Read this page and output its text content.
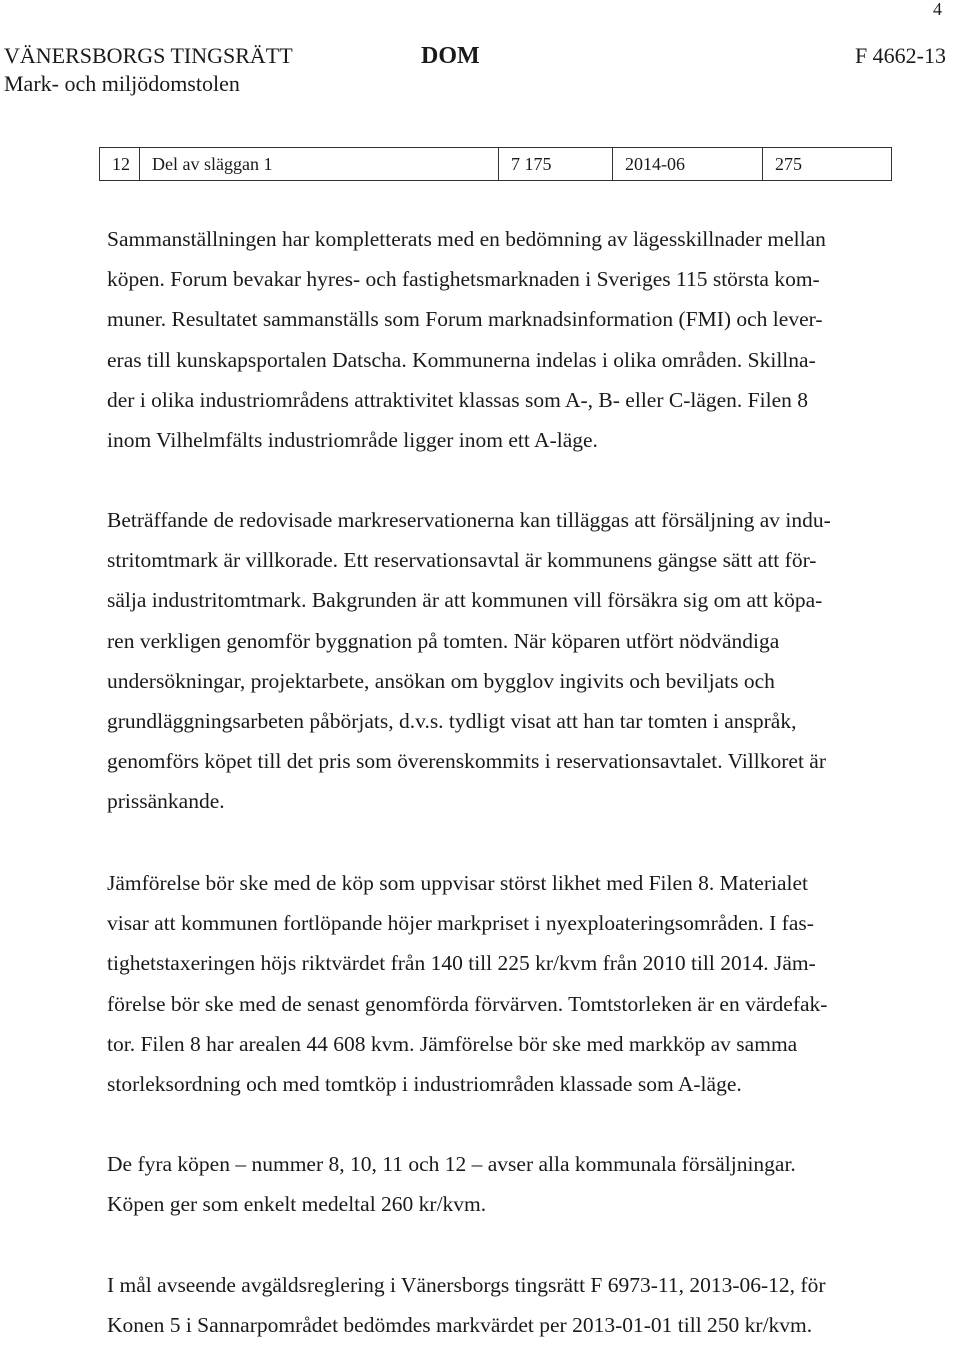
4
VÄNERSBORGS TINGSRÄTT
Mark- och miljödomstolen
DOM	F 4662-13
12	Del av släggan 1	7 175	2014-06	275
Sammanställningen har kompletterats med en bedömning av lägesskillnader mellan
köpen. Forum bevakar hyres- och fastighetsmarknaden i Sveriges 115 största kom-
muner. Resultatet sammanställs som Forum marknadsinformation (FMI) och lever-
eras till kunskapsportalen Datscha. Kommunerna indelas i olika områden. Skillna-
der i olika industriområdens attraktivitet klassas som A-, B- eller C-lägen. Filen 8
inom Vilhelmfälts industriområde ligger inom ett A-läge.
Beträffande de redovisade markreservationerna kan tilläggas att försäljning av indu-
stritomtmark är villkorade. Ett reservationsavtal är kommunens gängse sätt att för-
sälja industritomtmark. Bakgrunden är att kommunen vill försäkra sig om att köpa-
ren verkligen genomför byggnation på tomten. När köparen utfört nödvändiga
undersökningar, projektarbete, ansökan om bygglov ingivits och beviljats och
grundläggningsarbeten påbörjats, d.v.s. tydligt visat att han tar tomten i anspråk,
genomförs köpet till det pris som överenskommits i reservationsavtalet. Villkoret är
prissänkande.
Jämförelse bör ske med de köp som uppvisar störst likhet med Filen 8. Materialet
visar att kommunen fortlöpande höjer markpriset i nyexploateringsområden. I fas-
tighetstaxeringen höjs riktvärdet från 140 till 225 kr/kvm från 2010 till 2014. Jäm-
förelse bör ske med de senast genomförda förvärven. Tomtstorleken är en värdefak-
tor. Filen 8 har arealen 44 608 kvm. Jämförelse bör ske med markköp av samma
storleksordning och med tomtköp i industriområden klassade som A-läge.
De fyra köpen – nummer 8, 10, 11 och 12 – avser alla kommunala försäljningar.
Köpen ger som enkelt medeltal 260 kr/kvm.
I mål avseende avgäldsreglering i Vänersborgs tingsrätt F 6973-11, 2013-06-12, för
Konen 5 i Sannarpområdet bedömdes markvärdet per 2013-01-01 till 250 kr/kvm.
